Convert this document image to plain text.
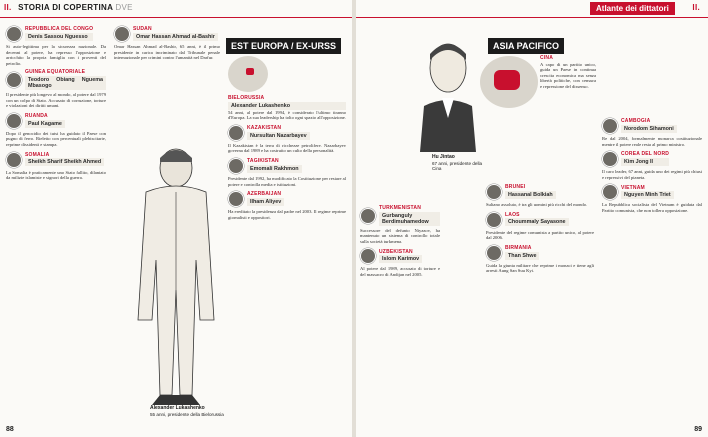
II. STORIA DI COPERTINA DVE
REPUBBLICA DEL CONGO
Denis Sassou Nguesso

Si auto-legittima per la sicurezza nazionale. Da decenni al potere, ha represso l'opposizione e arricchito la propria famiglia con i proventi del petrolio.

GUINEA EQUATORIALE
Teodoro Obiang Nguema Mbasogo

Il presidente più longevo al mondo, al potere dal 1979 con un colpo di Stato. Accusato di corruzione, torture e violazioni dei diritti umani.

RUANDA
Paul Kagame

Dopo il genocidio dei tutsi ha guidato il Paese con pugno di ferro. Rieletto con percentuali plebiscitarie, reprime dissidenti e stampa.

SOMALIA
Sheikh Sharif Sheikh Ahmed

La Somalia è praticamente uno Stato fallito, dilaniato da milizie islamiste e signori della guerra.

SUDAN
Omar Hassan Ahmad al-Bashir

Omar Hassan Ahmad al-Bashir, 65 anni, è il primo presidente in carica incriminato dal Tribunale penale internazionale per crimini contro l'umanità nel Darfur.

Alexander Lukashenko
55 anni, presidente della Bielorussia
EST EUROPA / EX-URSS
BIELORUSSIA
Alexander Lukashenko

54 anni, al potere dal 1994, è considerato l'ultimo tiranno d'Europa. La sua leadership ha tolto ogni spazio all'opposizione.

KAZAKISTAN
Nursultan Nazarbayev

Il Kazakistan è la terra di ricchezze petrolifere. Nazarbayev governa dal 1989 e ha costruito un culto della personalità.

TAGIKISTAN
Emomali Rakhmon

Presidente dal 1992, ha modificato la Costituzione per restare al potere e controlla media e istituzioni.

AZERBAIJAN
Ilham Aliyev

Ha ereditato la presidenza dal padre nel 2003. Il regime reprime giornalisti e oppositori.

88
Atlante dei dittatori	II.

TURKMENISTAN
Gurbanguly Berdimuhamedow

Successore del defunto Niyazov, ha mantenuto un sistema di controllo totale sulla società turkmena.

UZBEKISTAN
Islom Karimov

Al potere dal 1989, accusato di torture e del massacro di Andijan nel 2005.

ASIA PACIFICO
Hu Jintao
67 anni, presidente della Cina
CINA

A capo di un partito unico, guida un Paese in continua crescita economica ma senza libertà politiche, con censura e repressione del dissenso.

BRUNEI
Hassanal Bolkiah

Sultano assoluto, è tra gli uomini più ricchi del mondo.

LAOS
Choummaly Sayasone

Presidente del regime comunista a partito unico, al potere dal 2006.

BIRMANIA
Than Shwe

Guida la giunta militare che reprime i monaci e tiene agli arresti Aung San Suu Kyi.

CAMBOGIA
Norodom Sihamoni

Re dal 2004, formalmente monarca costituzionale mentre il potere reale resta al primo ministro.

COREA DEL NORD
Kim Jong Il

Il caro leader, 67 anni, guida uno dei regimi più chiusi e repressivi del pianeta.

VIETNAM
Nguyen Minh Triet

La Repubblica socialista del Vietnam è guidata dal Partito comunista, che non tollera opposizione.

89
